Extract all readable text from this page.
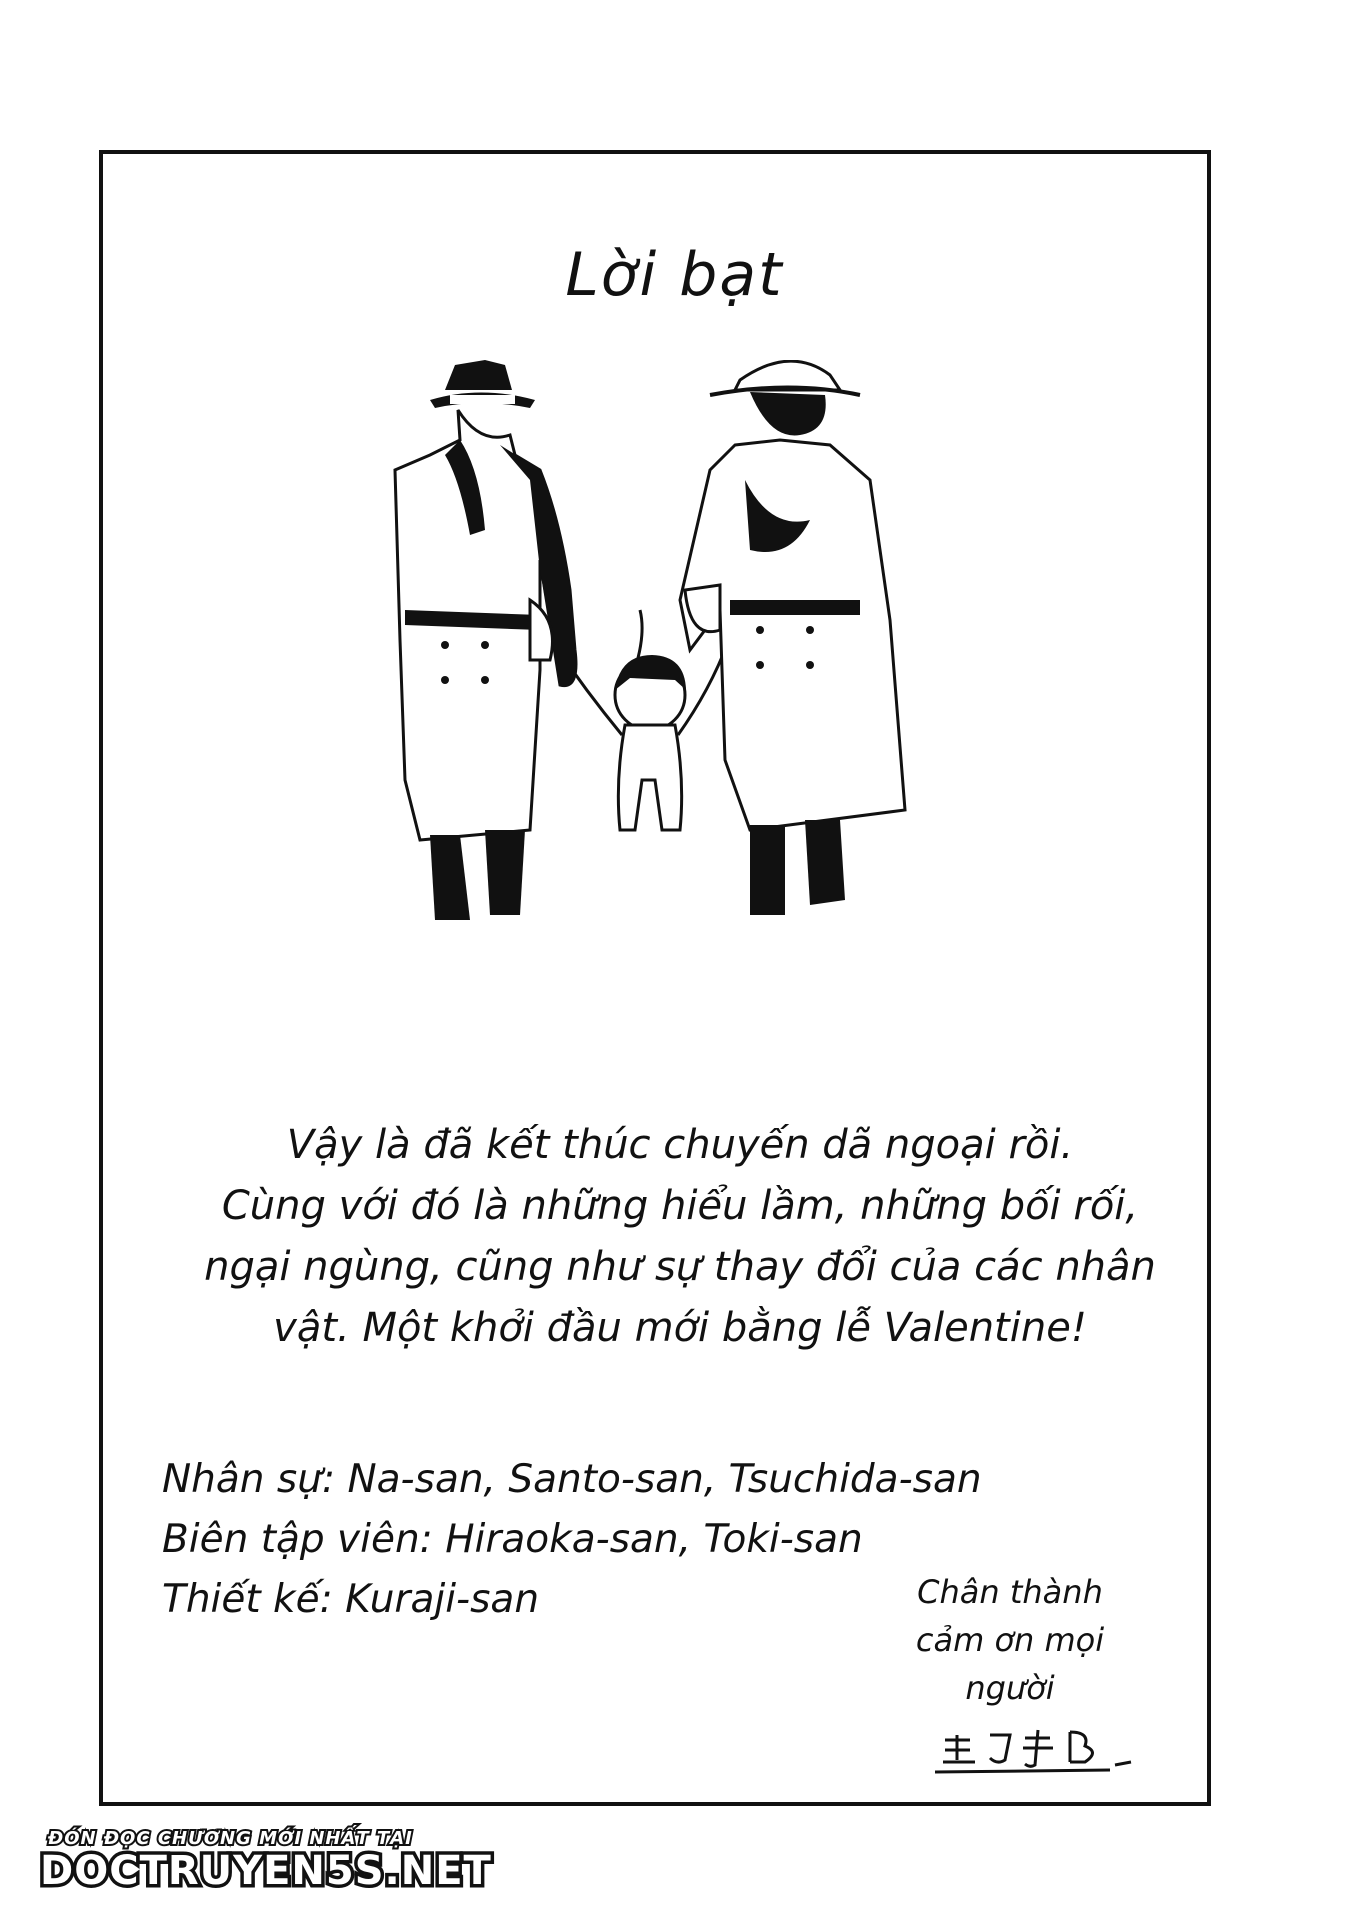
Lời bạt
Vậy là đã kết thúc chuyến dã ngoại rồi.
Cùng với đó là những hiểu lầm, những bối rối,
ngại ngùng, cũng như sự thay đổi của các nhân
vật. Một khởi đầu mới bằng lễ Valentine!
Nhân sự: Na-san, Santo-san, Tsuchida-san
Biên tập viên: Hiraoka-san, Toki-san
Thiết kế: Kuraji-san	Chân thành
cảm ơn mọi
người
ĐÓN ĐỌC CHƯƠNG MỚI NHẤT TẠI
DOCTRUYEN5S.NET
